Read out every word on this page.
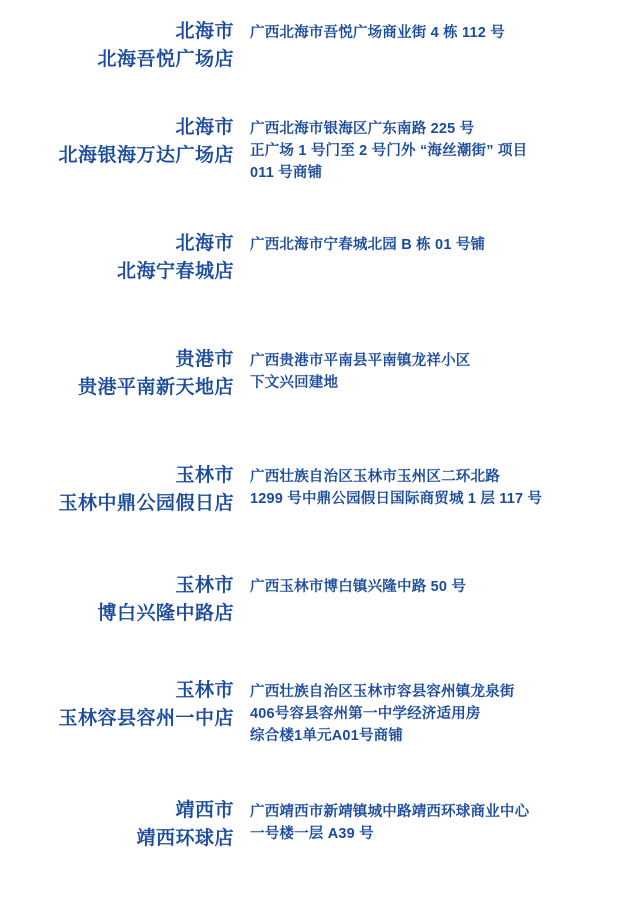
北海市
北海吾悦广场店
广西北海市吾悦广场商业街 4 栋 112 号
北海市
北海银海万达广场店
广西北海市银海区广东南路 225 号
正广场 1 号门至 2 号门外 “海丝潮街” 项目
011 号商铺
北海市
北海宁春城店
广西北海市宁春城北园 B 栋 01 号铺
贵港市
贵港平南新天地店
广西贵港市平南县平南镇龙祥小区
下文兴回建地
玉林市
玉林中鼎公园假日店
广西壮族自治区玉林市玉州区二环北路
1299 号中鼎公园假日国际商贸城 1 层 117 号
玉林市
博白兴隆中路店
广西玉林市博白镇兴隆中路 50 号
玉林市
玉林容县容州一中店
广西壮族自治区玉林市容县容州镇龙泉街
406号容县容州第一中学经济适用房
综合楼1单元A01号商铺
靖西市
靖西环球店
广西靖西市新靖镇城中路靖西环球商业中心
一号楼一层 A39 号
